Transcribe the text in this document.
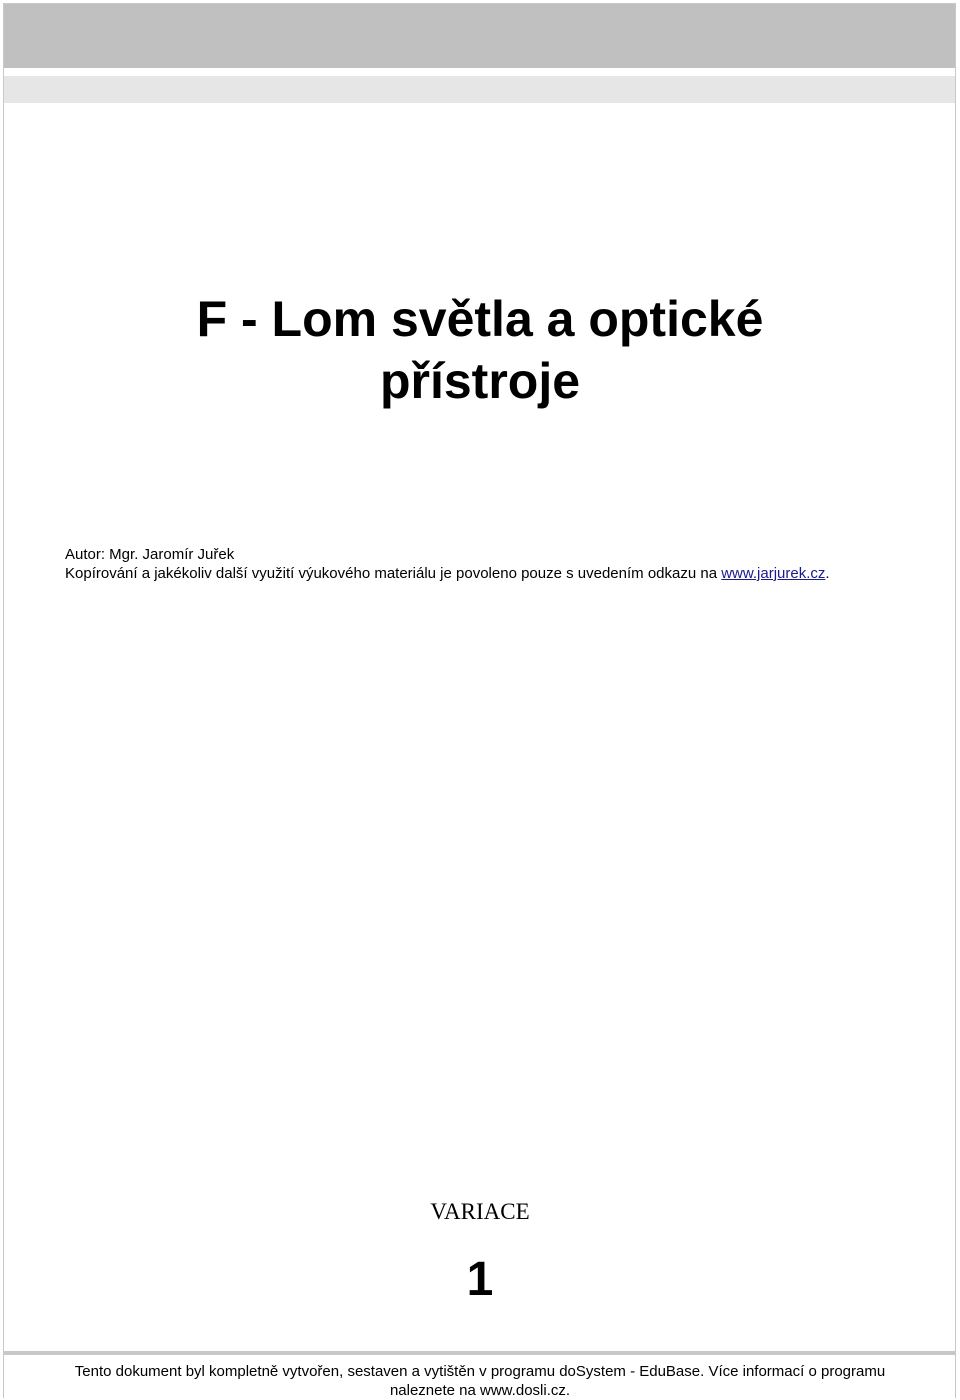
F - Lom světla a optické
přístroje
Autor: Mgr. Jaromír Juřek
Kopírování a jakékoliv další využití výukového materiálu je povoleno pouze s uvedením odkazu na www.jarjurek.cz.
VARIACE
1
Tento dokument byl kompletně vytvořen, sestaven a vytištěn v programu doSystem - EduBase. Více informací o programu
naleznete na www.dosli.cz.
